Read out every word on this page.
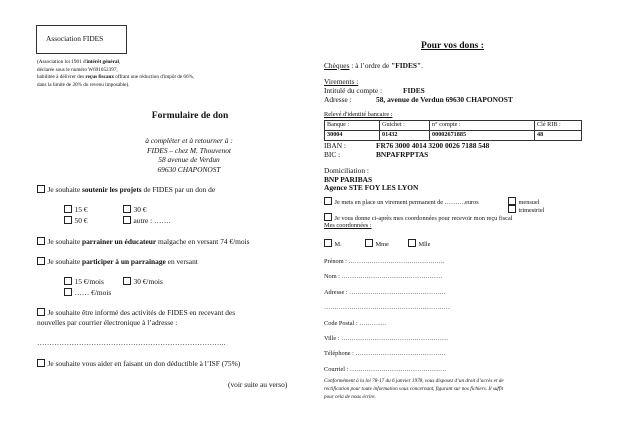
Association FIDES
(Association loi 1901 d'intérêt général,
déclarée sous le numéro W691052397,
habilitée à délivrer des reçus fiscaux offrant une réduction d'impôt de 66%,
dans la limite de 20% du revenu imposable).
Formulaire de don
à compléter et à retourner à :
FIDES – chez M. Thouvenot
58 avenue de Verdun
69630 CHAPONOST
Je souhaite soutenir les projets de FIDES par un don de
15 €	30 €
50 €	autre : …….
Je souhaite parrainer un éducateur malgache en versant 74 €/mois
Je souhaite participer à un parrainage en versant
15 €/mois	30 €/mois
…… €/mois
Je souhaite être informé des activités de FIDES en recevant des
nouvelles par courrier électronique à l’adresse :
…………………………………………………………………..
Je souhaite vous aider en faisant un don déductible à l’ISF (75%)
(voir suite au verso)
Pour vos dons :
Chèques : à l’ordre de "FIDES".
Virements :
Intitulé du compte :	FIDES
Adresse :	58, avenue de Verdun 69630 CHAPONOST
Relevé d'identité bancaire :
Banque :	Guichet :	n° compte :	Clé RIB :
30004	01432	00002671885	48
IBAN :	FR76 3000 4014 3200 0026 7188 548
BIC :	BNPAFRPPTAS
Domiciliation :
BNP PARIBAS
Agence STE FOY LES LYON
Je mets en place un virement permanent de ……….euros	mensuel
trimestriel
Je vous donne ci-après mes coordonnées pour recevoir mon reçu fiscal
Mes coordonnées :
M.	Mme	Mlle
Prénom : ……………………………………….
Nom : …………………………………………
Adresse : ……………………………………….
……………………………………………………
Code Postal : ………….
Ville : ……………………………………………
Téléphone : …………………………………….
Courriel : ……………………………………….
Conformément à la loi 78-17 du 6 janvier 1978, vous disposez d’un droit d’accès et de
rectification pour toute information vous concernant, figurant sur nos fichiers. Il suffit
pour cela de nous écrire.
